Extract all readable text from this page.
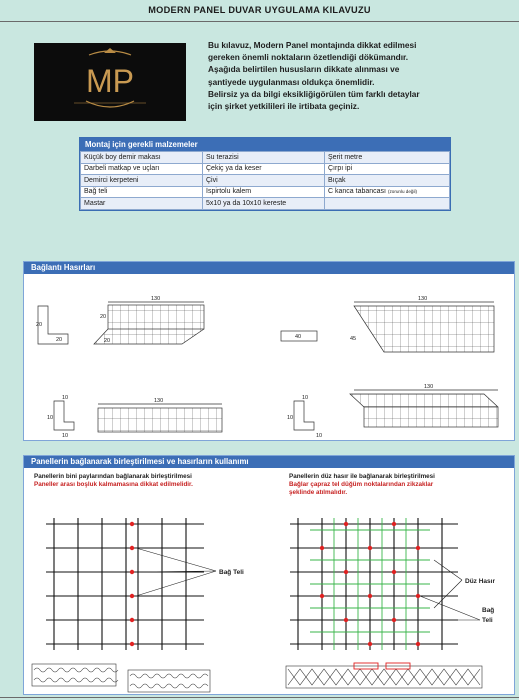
MODERN PANEL DUVAR UYGULAMA KILAVUZU
MP
Bu kılavuz, Modern Panel montajında dikkat edilmesi
gereken önemli noktaların özetlendiği dökümandır.
Aşağıda belirtilen hususların dikkate alınması ve
şantiyede uygulanması oldukça önemlidir.
Belirsiz ya da bilgi eksikliğigörülen tüm farklı detaylar
için şirket yetkilileri ile irtibata geçiniz.
Montaj için gerekli malzemeler
Küçük boy demir makası	Su terazisi	Şerit metre
Darbeli matkap ve uçları	Çekiç ya da keser	Çırpı ipi
Demirci kerpeteni	Çivi	Bıçak
Bağ teli	İspirtolu kalem	C kanca tabancası (zorunlu değil)
Mastar	5x10 ya da 10x10 kereste	
Bağlantı Hasırları
20
20
130
20
20
40
130
45
10
10
10
130	10
10
10
130
Panellerin bağlanarak birleştirilmesi ve hasırların kullanımı
Panellerin bini paylarından bağlanarak birleştirilmesi
Paneller arası boşluk kalmamasına dikkat edilmelidir.
Panellerin düz hasır ile bağlanarak birleştirilmesi
Bağlar çapraz tel düğüm noktalarından zikzaklar
şeklinde atılmalıdır.
Bağ Teli
Düz Hasır
Bağ
Teli
